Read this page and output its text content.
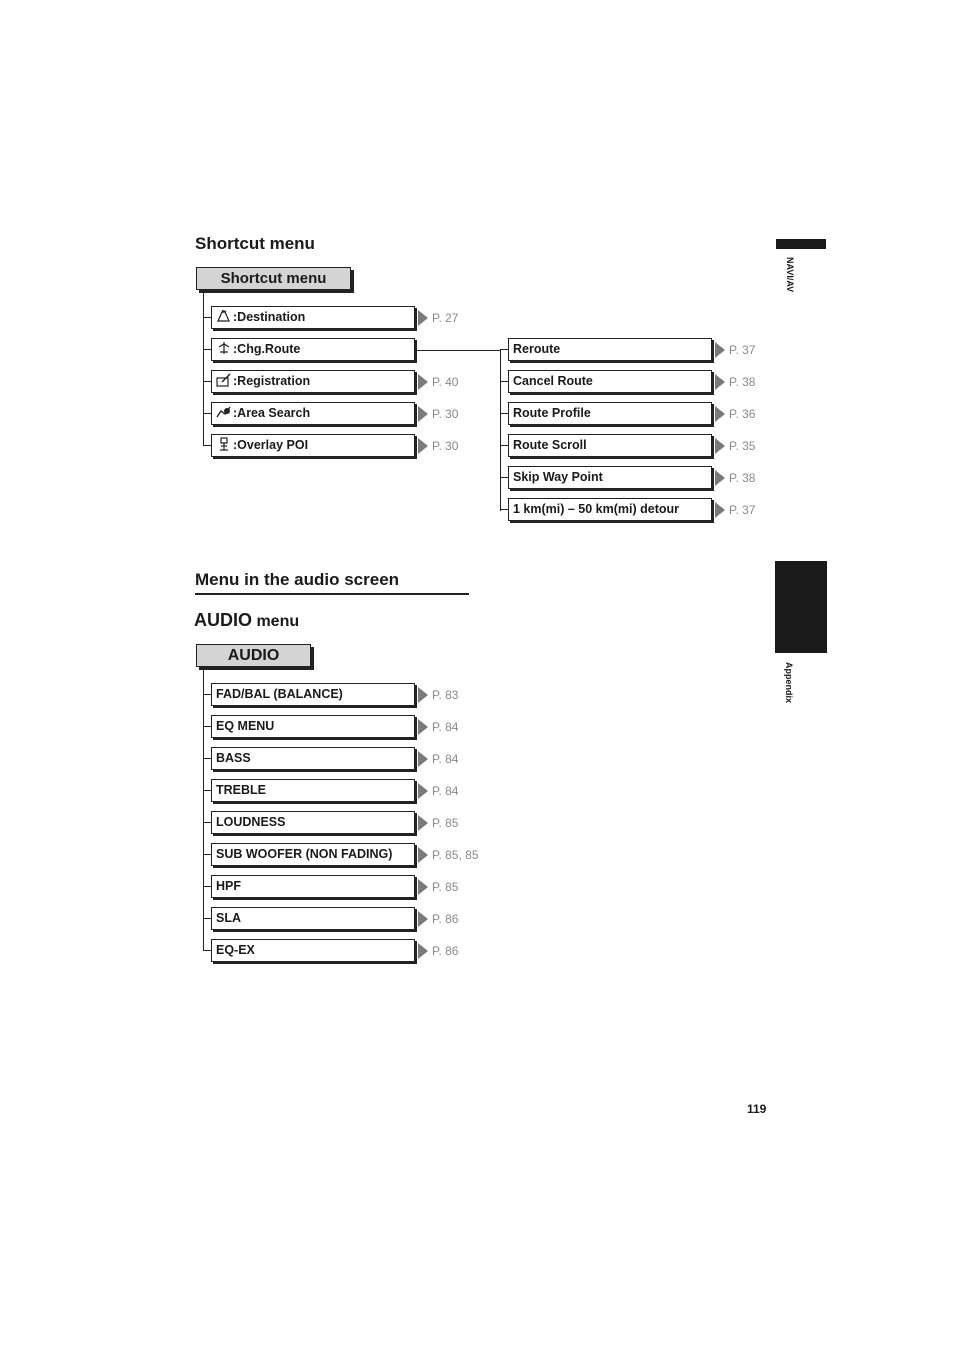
NAVI/AV
Appendix
Shortcut menu
Shortcut menu
Menu in the audio screen
AUDIO menu
AUDIO
119
:Destination	P. 27
:Chg.Route
:Registration	P. 40
:Area Search	P. 30
:Overlay POI	P. 30
Reroute	P. 37
Cancel Route	P. 38
Route Profile	P. 36
Route Scroll	P. 35
Skip Way Point	P. 38
1 km(mi) – 50 km(mi) detour	P. 37
FAD/BAL (BALANCE)	P. 83
EQ MENU	P. 84
BASS	P. 84
TREBLE	P. 84
LOUDNESS	P. 85
SUB WOOFER (NON FADING)	P. 85, 85
HPF	P. 85
SLA	P. 86
EQ-EX	P. 86
